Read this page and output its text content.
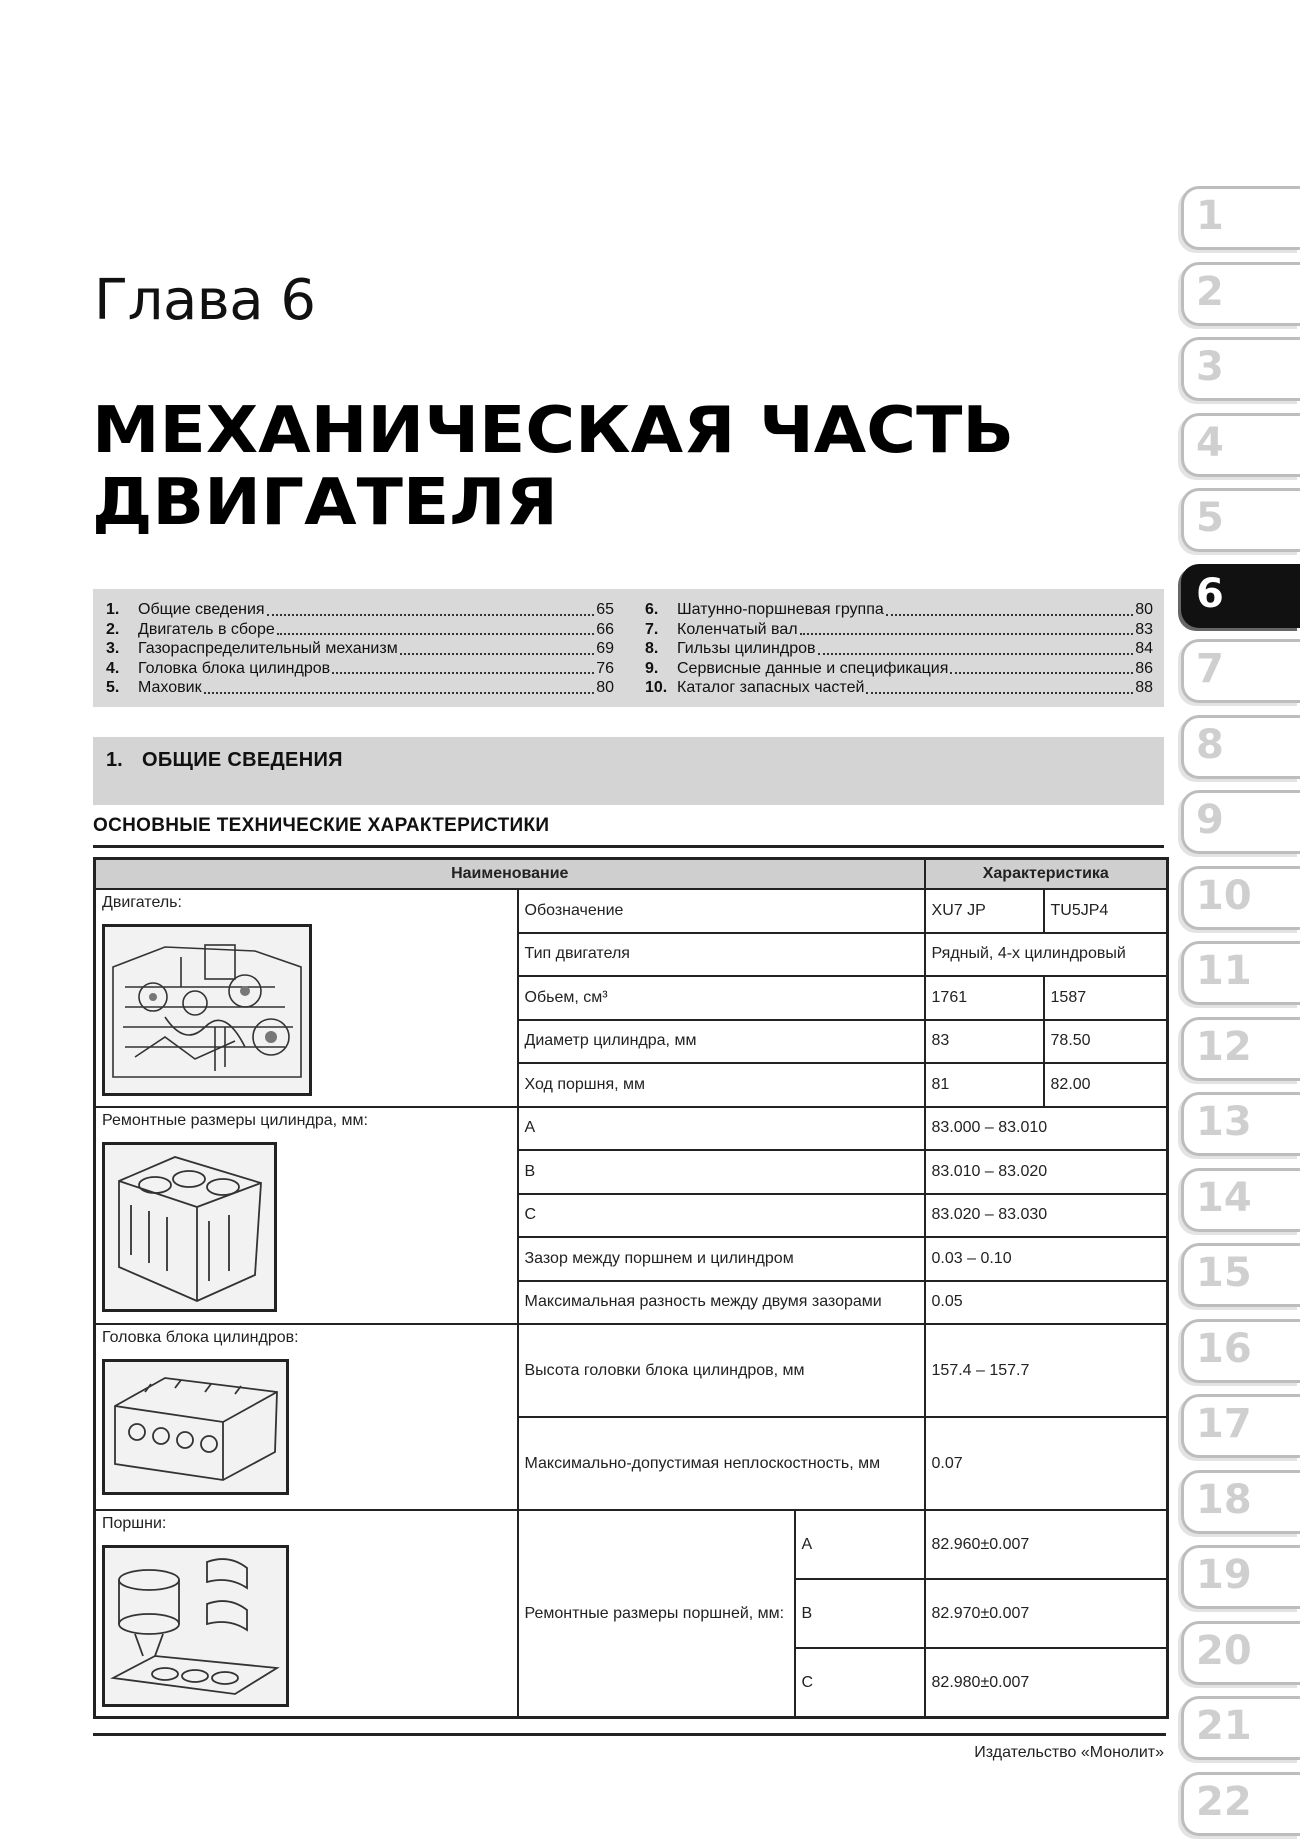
Глава 6
МЕХАНИЧЕСКАЯ ЧАСТЬ
ДВИГАТЕЛЯ
1.	Общие сведения	65
2.	Двигатель в сборе	66
3.	Газораспределительный механизм	69
4.	Головка блока цилиндров	76
5.	Маховик	80
6.	Шатунно-поршневая группа	80
7.	Коленчатый вал	83
8.	Гильзы цилиндров	84
9.	Сервисные данные и спецификация	86
10. Каталог запасных частей	88
1. ОБЩИЕ СВЕДЕНИЯ
ОСНОВНЫЕ ТЕХНИЧЕСКИЕ ХАРАКТЕРИСТИКИ
Наименование			Характеристика	

Двигатель:	Обозначение		XU7 JP	TU5JP4
	Тип двигателя		Рядный, 4-х цилиндровый	
	Обьем, см³		1761	1587
	Диаметр цилиндра, мм		83	78.50
	Ход поршня, мм		81	82.00

Ремонтные размеры цилиндра, мм:	A		83.000 – 83.010	
	B		83.010 – 83.020	
	C		83.020 – 83.030	
	Зазор между поршнем и цилиндром		0.03 – 0.10	
	Максимальная разность между двумя зазорами		0.05	

Головка блока цилиндров:	Высота головки блока цилиндров, мм		157.4 – 157.7	
	Максимально-допустимая неплоскостность, мм		0.07	

Поршни:	Ремонтные размеры поршней, мм:	A	82.960±0.007	
		B	82.970±0.007	
		C	82.980±0.007	
1
2
3
4
5
6
7
8
9
10
11
12
13
14
15
16
17
18
19
20
21
22
Издательство «Монолит»
